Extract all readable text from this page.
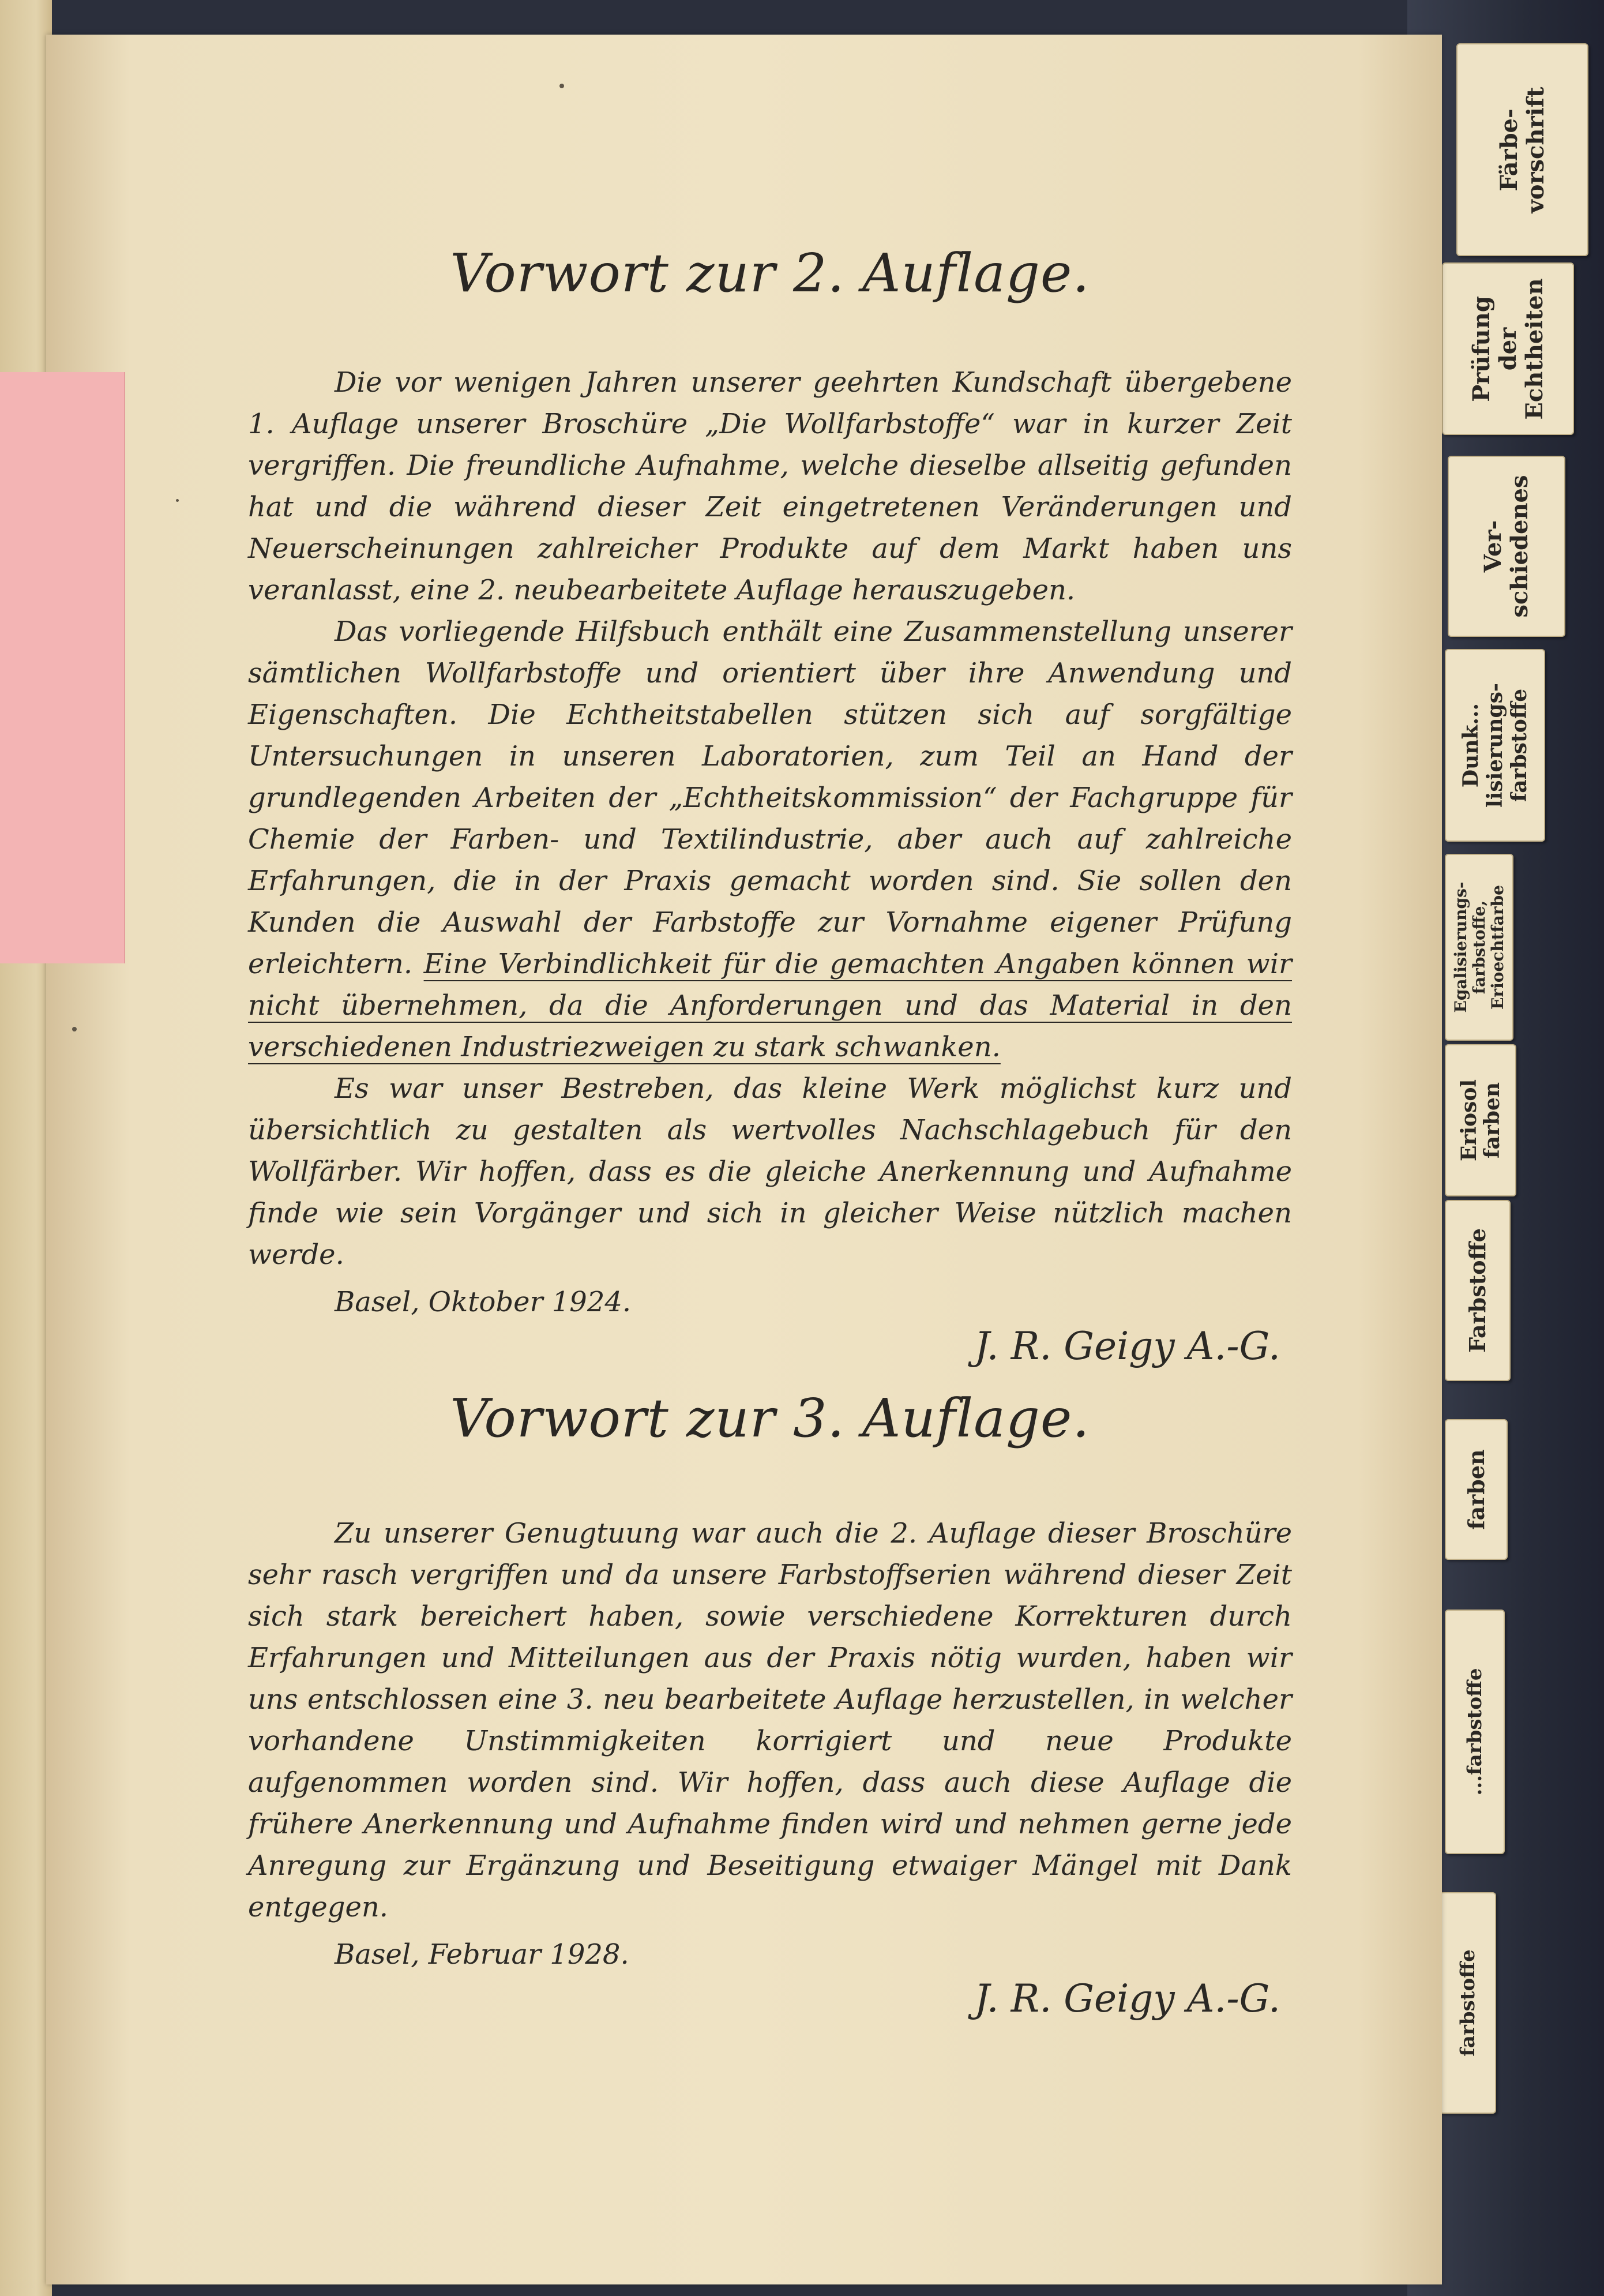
Färbe-
vorschrift
Prüfung
der
Echtheiten
Ver-
schiedenes
Dunk...
lisierungs-
farbstoffe
Egalisierungs-
farbstoffe,
Erioechtfarbe
Eriosol
farben
Farbstoffe
farben
...farbstoffe
farbstoffe
Vorwort zur 2. Auflage.

Die vor wenigen Jahren unserer geehrten Kundschaft übergebene 1. Auflage unserer Broschüre „Die Wollfarbstoffe“ war in kurzer Zeit vergriffen. Die freundliche Aufnahme, welche dieselbe allseitig gefunden hat und die während dieser Zeit eingetretenen Veränderungen und Neuerscheinungen zahlreicher Produkte auf dem Markt haben uns veranlasst, eine 2. neubearbeitete Auflage herauszugeben.

Das vorliegende Hilfsbuch enthält eine Zusammenstellung unserer sämtlichen Wollfarbstoffe und orientiert über ihre Anwendung und Eigenschaften. Die Echtheitstabellen stützen sich auf sorgfältige Untersuchungen in unseren Laboratorien, zum Teil an Hand der grundlegenden Arbeiten der „Echtheitskommission“ der Fachgruppe für Chemie der Farben- und Textilindustrie, aber auch auf zahlreiche Erfahrungen, die in der Praxis gemacht worden sind. Sie sollen den Kunden die Auswahl der Farbstoffe zur Vornahme eigener Prüfung erleichtern. Eine Verbindlichkeit für die gemachten Angaben können wir nicht übernehmen, da die Anforderungen und das Material in den verschiedenen Industriezweigen zu stark schwanken.

Es war unser Bestreben, das kleine Werk möglichst kurz und übersichtlich zu gestalten als wertvolles Nachschlagebuch für den Wollfärber. Wir hoffen, dass es die gleiche Anerkennung und Aufnahme finde wie sein Vorgänger und sich in gleicher Weise nützlich machen werde.

Basel, Oktober 1924.
J. R. Geigy A.-G.
Vorwort zur 3. Auflage.

Zu unserer Genugtuung war auch die 2. Auflage dieser Broschüre sehr rasch vergriffen und da unsere Farbstoffserien während dieser Zeit sich stark bereichert haben, sowie verschiedene Korrekturen durch Erfahrungen und Mitteilungen aus der Praxis nötig wurden, haben wir uns entschlossen eine 3. neu bearbeitete Auflage herzustellen, in welcher vorhandene Unstimmigkeiten korrigiert und neue Produkte aufgenommen worden sind. Wir hoffen, dass auch diese Auflage die frühere Anerkennung und Aufnahme finden wird und nehmen gerne jede Anregung zur Ergänzung und Beseitigung etwaiger Mängel mit Dank entgegen.

Basel, Februar 1928.
J. R. Geigy A.-G.
